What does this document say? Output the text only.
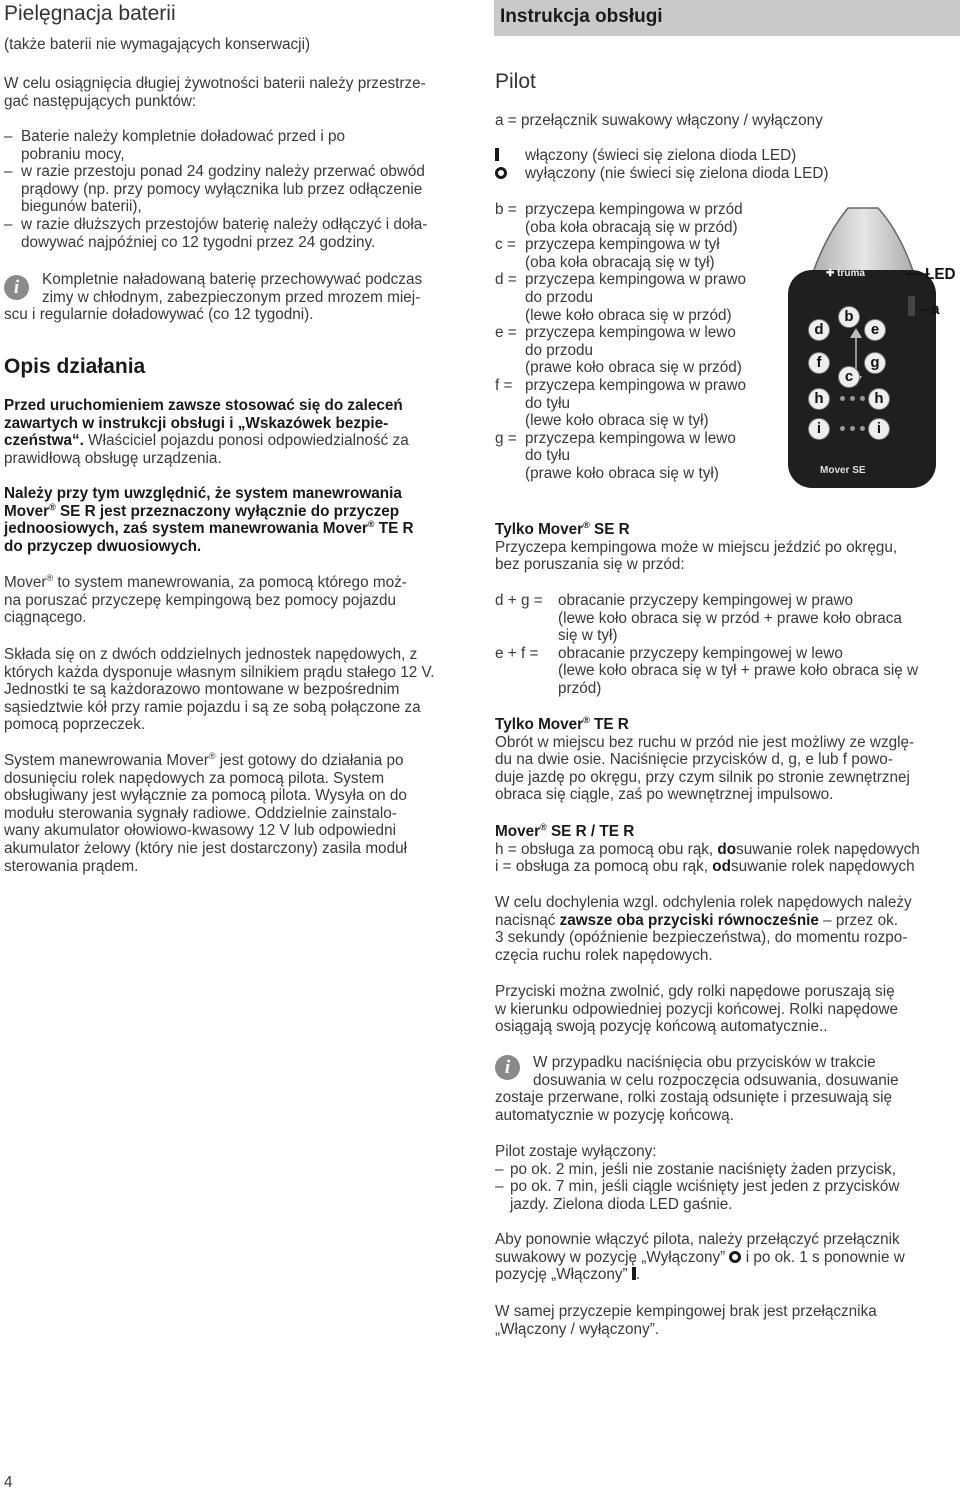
Pielęgnacja baterii
(także baterii nie wymagających konserwacji)
W celu osiągnięcia długiej żywotności baterii należy przestrze-
gać następujących punktów:
– Baterie należy kompletnie doładować przed i po
pobraniu mocy,
– w razie przestoju ponad 24 godziny należy przerwać obwód
prądowy (np. przy pomocy wyłącznika lub przez odłączenie
biegunów baterii),
– w razie dłuższych przestojów baterię należy odłączyć i doła-
dowywać najpóźniej co 12 tygodni przez 24 godziny.
i	Kompletnie naładowaną baterię przechowywać podczas
zimy w chłodnym, zabezpieczonym przed mrozem miej-
scu i regularnie doładowywać (co 12 tygodni).
Opis działania
Przed uruchomieniem zawsze stosować się do zaleceń
zawartych w instrukcji obsługi i „Wskazówek bezpie-
czeństwa“. Właściciel pojazdu ponosi odpowiedzialność za
prawidłową obsługę urządzenia.
Należy przy tym uwzględnić, że system manewrowania
Mover® SE R jest przeznaczony wyłącznie do przyczep
jednoosiowych, zaś system manewrowania Mover® TE R
do przyczep dwuosiowych.
Mover® to system manewrowania, za pomocą którego moż-
na poruszać przyczepę kempingową bez pomocy pojazdu
ciągnącego.
Składa się on z dwóch oddzielnych jednostek napędowych, z
których każda dysponuje własnym silnikiem prądu stałego 12 V.
Jednostki te są każdorazowo montowane w bezpośrednim
sąsiedztwie kół przy ramie pojazdu i są ze sobą połączone za
pomocą poprzeczek.
System manewrowania Mover® jest gotowy do działania po
dosunięciu rolek napędowych za pomocą pilota. System
obsługiwany jest wyłącznie za pomocą pilota. Wysyła on do
modułu sterowania sygnały radiowe. Oddzielnie zainstalo-
wany akumulator ołowiowo-kwasowy 12 V lub odpowiedni
akumulator żelowy (który nie jest dostarczony) zasila moduł
sterowania prądem.
4
Instrukcja obsługi
Pilot
a = przełącznik suwakowy włączony / wyłączony
włączony (świeci się zielona dioda LED)
wyłączony (nie świeci się zielona dioda LED)
b = przyczepa kempingowa w przód
(oba koła obracają się w przód)
c = przyczepa kempingowa w tył
(oba koła obracają się w tył)
d = przyczepa kempingowa w prawo
do przodu
(lewe koło obraca się w przód)
e = przyczepa kempingowa w lewo
do przodu
(prawe koło obraca się w przód)
f = przyczepa kempingowa w prawo
do tyłu
(lewe koło obraca się w tył)
g = przyczepa kempingowa w lewo
do tyłu
(prawe koło obraca się w tył)
✚ truma	LED
a
b
d	e
f	g
c
h	h
i	i
Mover SE
Tylko Mover® SE R
Przyczepa kempingowa może w miejscu jeździć po okręgu,
bez poruszania się w przód:
d + g = obracanie przyczepy kempingowej w prawo
(lewe koło obraca się w przód + prawe koło obraca
się w tył)
e + f = obracanie przyczepy kempingowej w lewo
(lewe koło obraca się w tył + prawe koło obraca się w
przód)
Tylko Mover® TE R
Obrót w miejscu bez ruchu w przód nie jest możliwy ze wzglę-
du na dwie osie. Naciśnięcie przycisków d, g, e lub f powo-
duje jazdę po okręgu, przy czym silnik po stronie zewnętrznej
obraca się ciągle, zaś po wewnętrznej impulsowo.
Mover® SE R / TE R
h = obsługa za pomocą obu rąk, dosuwanie rolek napędowych
i = obsługa za pomocą obu rąk, odsuwanie rolek napędowych
W celu dochylenia wzgl. odchylenia rolek napędowych należy
nacisnąć zawsze oba przyciski równocześnie – przez ok.
3 sekundy (opóźnienie bezpieczeństwa), do momentu rozpo-
częcia ruchu rolek napędowych.
Przyciski można zwolnić, gdy rolki napędowe poruszają się
w kierunku odpowiedniej pozycji końcowej. Rolki napędowe
osiągają swoją pozycję końcową automatycznie..
i	W przypadku naciśnięcia obu przycisków w trakcie
dosuwania w celu rozpoczęcia odsuwania, dosuwanie
zostaje przerwane, rolki zostają odsunięte i przesuwają się
automatycznie w pozycję końcową.
Pilot zostaje wyłączony:
– po ok. 2 min, jeśli nie zostanie naciśnięty żaden przycisk,
– po ok. 7 min, jeśli ciągle wciśnięty jest jeden z przycisków
jazdy. Zielona dioda LED gaśnie.
Aby ponownie włączyć pilota, należy przełączyć przełącznik
suwakowy w pozycję „Wyłączony”  i po ok. 1 s ponownie w
pozycję „Włączony” .
W samej przyczepie kempingowej brak jest przełącznika
„Włączony / wyłączony”.
